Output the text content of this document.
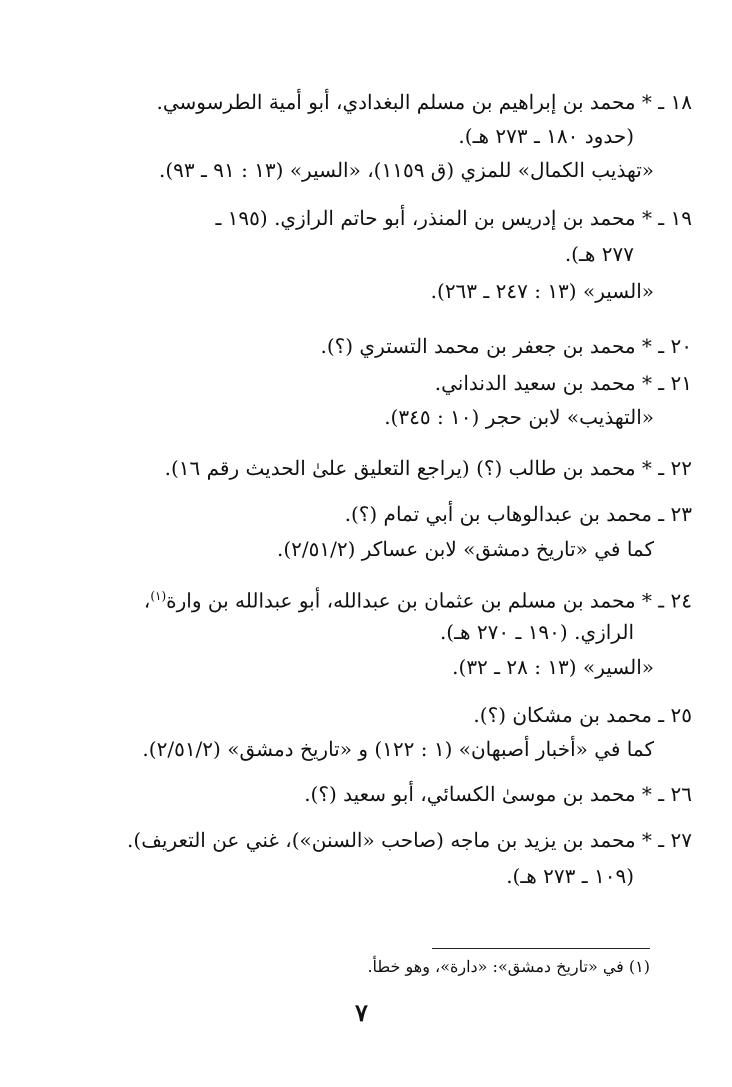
١٨ ـ * محمد بن إبراهيم بن مسلم البغدادي، أبو أمية الطرسوسي.
(حدود ١٨٠ ـ ٢٧٣ هـ).
«تهذيب الكمال» للمزي (ق ١١٥٩)، «السير» (١٣ : ٩١ ـ ٩٣).
١٩ ـ * محمد بن إدريس بن المنذر، أبو حاتم الرازي. (١٩٥ ـ
٢٧٧ هـ).
«السير» (١٣ : ٢٤٧ ـ ٢٦٣).
٢٠ ـ * محمد بن جعفر بن محمد التستري (؟).
٢١ ـ * محمد بن سعيد الدنداني.
«التهذيب» لابن حجر (١٠ : ٣٤٥).
٢٢ ـ * محمد بن طالب (؟) (يراجع التعليق علىٰ الحديث رقم ١٦).
٢٣ ـ محمد بن عبدالوهاب بن أبي تمام (؟).
كما في «تاريخ دمشق» لابن عساكر (٢/٥١/٢).
٢٤ ـ * محمد بن مسلم بن عثمان بن عبدالله، أبو عبدالله بن وارة$^{(١)}$،
الرازي. (١٩٠ ـ ٢٧٠ هـ).
«السير» (١٣ : ٢٨ ـ ٣٢).
٢٥ ـ محمد بن مشكان (؟).
كما في «أخبار أصبهان» (١ : ١٢٢) و «تاريخ دمشق» (٢/٥١/٢).
٢٦ ـ * محمد بن موسىٰ الكسائي، أبو سعيد (؟).
٢٧ ـ * محمد بن يزيد بن ماجه (صاحب «السنن»)، غني عن التعريف).
(١٠٩ ـ ٢٧٣ هـ).
(١) في «تاريخ دمشق»: «دارة»، وهو خطأ.
٧
